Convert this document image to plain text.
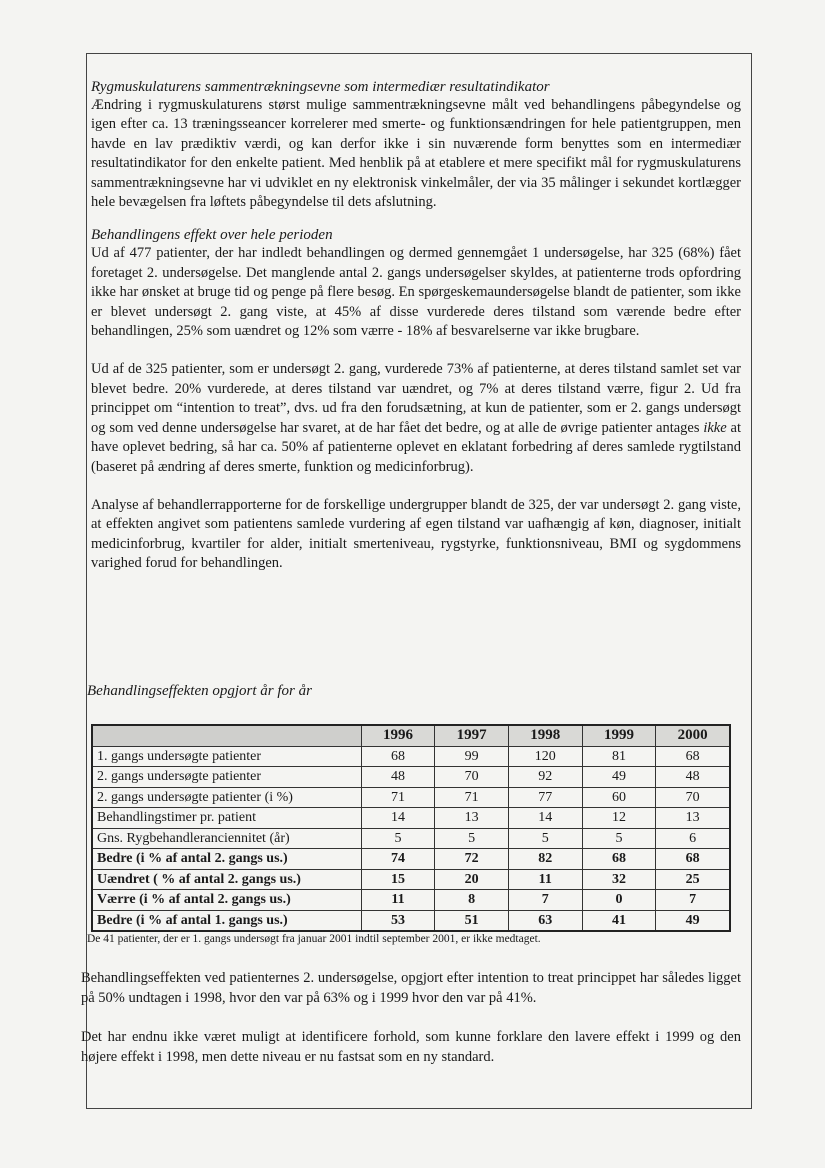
Rygmuskulaturens sammentrækningsevne som intermediær resultatindikator

Ændring i rygmuskulaturens størst mulige sammentrækningsevne målt ved behandlingens påbegyndelse og igen efter ca. 13 træningsseancer korrelerer med smerte- og funktionsændringen for hele patientgruppen, men havde en lav prædiktiv værdi, og kan derfor ikke i sin nuværende form benyttes som en intermediær resultatindikator for den enkelte patient. Med henblik på at etablere et mere specifikt mål for rygmuskulaturens sammentrækningsevne har vi udviklet en ny elektronisk vinkelmåler, der via 35 målinger i sekundet kortlægger hele bevægelsen fra løftets påbegyndelse til dets afslutning.

Behandlingens effekt over hele perioden

Ud af 477 patienter, der har indledt behandlingen og dermed gennemgået 1 undersøgelse, har 325 (68%) fået foretaget 2. undersøgelse. Det manglende antal 2. gangs undersøgelser skyldes, at patienterne trods opfordring ikke har ønsket at bruge tid og penge på flere besøg. En spørgeskemaundersøgelse blandt de patienter, som ikke er blevet undersøgt 2. gang viste, at 45% af disse vurderede deres tilstand som værende bedre efter behandlingen, 25% som uændret og 12% som værre - 18% af besvarelserne var ikke brugbare.

Ud af de 325 patienter, som er undersøgt 2. gang, vurderede 73% af patienterne, at deres tilstand samlet set var blevet bedre. 20% vurderede, at deres tilstand var uændret, og 7% at deres tilstand værre, figur 2. Ud fra princippet om “intention to treat”, dvs. ud fra den forudsætning, at kun de patienter, som er 2. gangs undersøgt og som ved denne undersøgelse har svaret, at de har fået det bedre, og at alle de øvrige patienter antages ikke at have oplevet bedring, så har ca. 50% af patienterne oplevet en eklatant forbedring af deres samlede rygtilstand (baseret på ændring af deres smerte, funktion og medicinforbrug).

Analyse af behandlerrapporterne for de forskellige undergrupper blandt de 325, der var undersøgt 2. gang viste, at effekten angivet som patientens samlede vurdering af egen tilstand var uafhængig af køn, diagnoser, initialt medicinforbrug, kvartiler for alder, initialt smerteniveau, rygstyrke, funktionsniveau, BMI og sygdommens varighed forud for behandlingen.

Behandlingseffekten opgjort år for år

	1996	1997	1998	1999	2000
1. gangs undersøgte patienter	68	99	120	81	68
2. gangs undersøgte patienter	48	70	92	49	48
2. gangs undersøgte patienter (i %)	71	71	77	60	70
Behandlingstimer pr. patient	14	13	14	12	13
Gns. Rygbehandleranciennitet (år)	5	5	5	5	6
Bedre (i % af antal 2. gangs us.)	74	72	82	68	68
Uændret ( % af antal 2. gangs us.)	15	20	11	32	25
Værre (i % af antal 2. gangs us.)	11	8	7	0	7
Bedre (i % af antal 1. gangs us.)	53	51	63	41	49
De 41 patienter, der er 1. gangs undersøgt fra januar 2001 indtil september 2001, er ikke medtaget.

Behandlingseffekten ved patienternes 2. undersøgelse, opgjort efter intention to treat princippet har således ligget på 50% undtagen i 1998, hvor den var på 63% og i 1999 hvor den var på 41%.

Det har endnu ikke været muligt at identificere forhold, som kunne forklare den lavere effekt i 1999 og den højere effekt i 1998, men dette niveau er nu fastsat som en ny standard.
